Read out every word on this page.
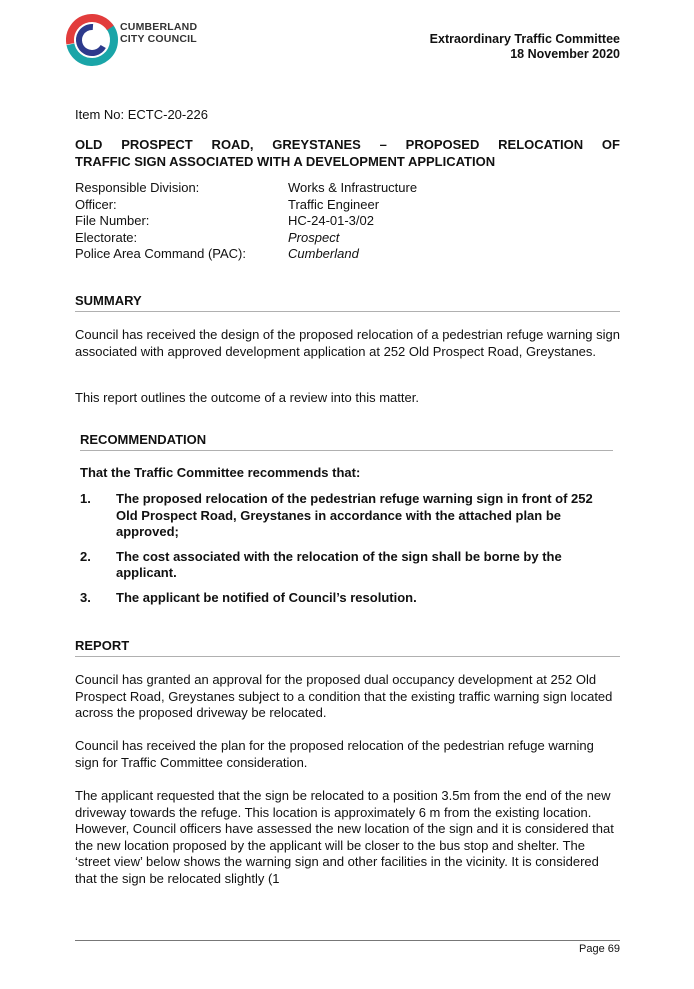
CUMBERLAND
CITY COUNCIL	Extraordinary Traffic Committee
18 November 2020
Item No: ECTC-20-226
OLD PROSPECT ROAD, GREYSTANES – PROPOSED RELOCATION OF
TRAFFIC SIGN ASSOCIATED WITH A DEVELOPMENT APPLICATION
Responsible Division:	Works & Infrastructure
Officer:	Traffic Engineer
File Number:	HC-24-01-3/02
Electorate:	Prospect
Police Area Command (PAC):	Cumberland
SUMMARY
Council has received the design of the proposed relocation of a pedestrian refuge warning sign associated with approved development application at 252 Old Prospect Road, Greystanes.
This report outlines the outcome of a review into this matter.
RECOMMENDATION
That the Traffic Committee recommends that:
1.	The proposed relocation of the pedestrian refuge warning sign in front of 252 Old Prospect Road, Greystanes in accordance with the attached plan be approved;
2.	The cost associated with the relocation of the sign shall be borne by the applicant.
3.	The applicant be notified of Council’s resolution.
REPORT
Council has granted an approval for the proposed dual occupancy development at 252 Old Prospect Road, Greystanes subject to a condition that the existing traffic warning sign located across the proposed driveway be relocated.
Council has received the plan for the proposed relocation of the pedestrian refuge warning sign for Traffic Committee consideration.
The applicant requested that the sign be relocated to a position 3.5m from the end of the new driveway towards the refuge. This location is approximately 6 m from the existing location. However, Council officers have assessed the new location of the sign and it is considered that the new location proposed by the applicant will be closer to the bus stop and shelter. The ‘street view’ below shows the warning sign and other facilities in the vicinity. It is considered that the sign be relocated slightly (1
Page 69
